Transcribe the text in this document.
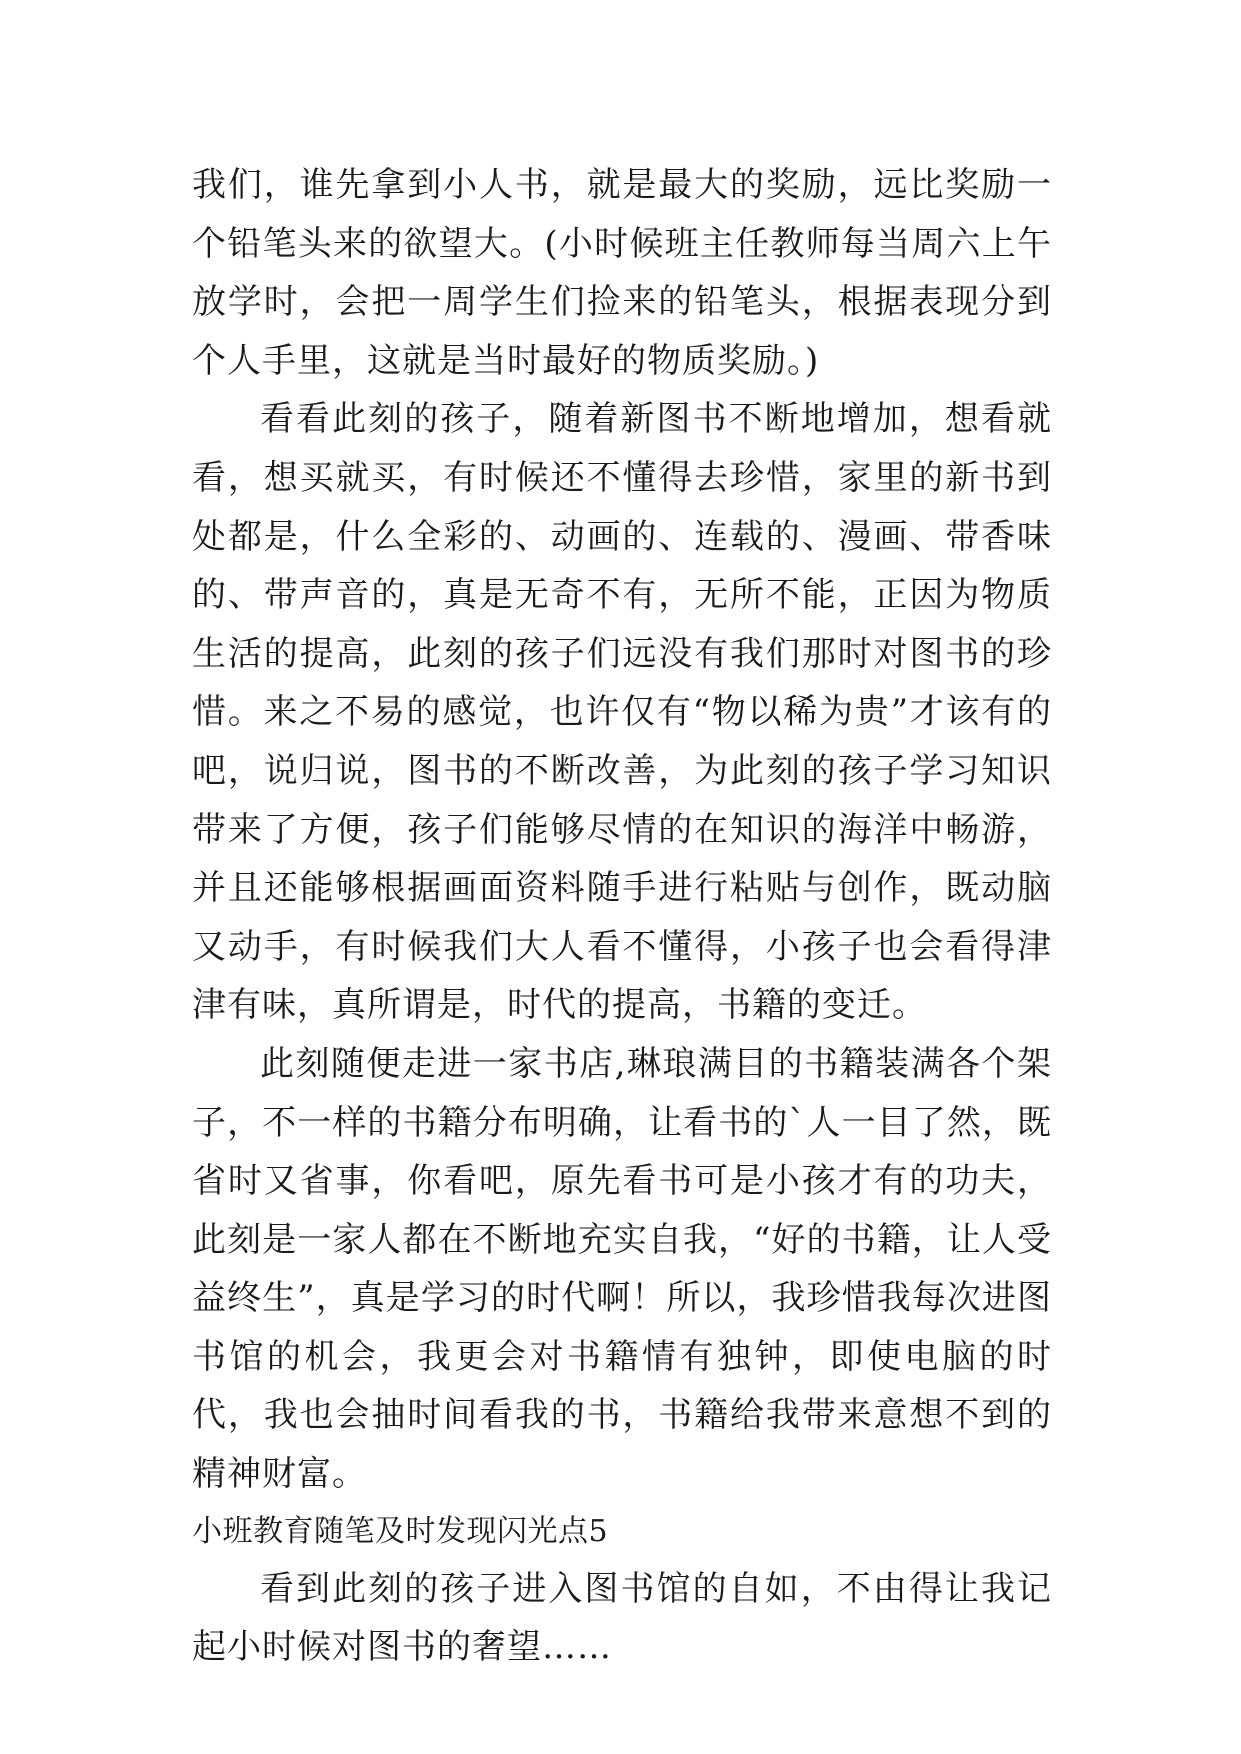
我们，谁先拿到小人书，就是最大的奖励，远比奖励一个铅笔头来的欲望大。(小时候班主任教师每当周六上午放学时，会把一周学生们捡来的铅笔头，根据表现分到个人手里，这就是当时最好的物质奖励。)

看看此刻的孩子，随着新图书不断地增加，想看就看，想买就买，有时候还不懂得去珍惜，家里的新书到处都是，什么全彩的、动画的、连载的、漫画、带香味的、带声音的，真是无奇不有，无所不能，正因为物质生活的提高，此刻的孩子们远没有我们那时对图书的珍惜。来之不易的感觉，也许仅有“物以稀为贵”才该有的吧，说归说，图书的不断改善，为此刻的孩子学习知识带来了方便，孩子们能够尽情的在知识的海洋中畅游，并且还能够根据画面资料随手进行粘贴与创作，既动脑又动手，有时候我们大人看不懂得，小孩子也会看得津津有味，真所谓是，时代的提高，书籍的变迁。

此刻随便走进一家书店,琳琅满目的书籍装满各个架子，不一样的书籍分布明确，让看书的`人一目了然，既省时又省事，你看吧，原先看书可是小孩才有的功夫，此刻是一家人都在不断地充实自我，“好的书籍，让人受益终生”，真是学习的时代啊！所以，我珍惜我每次进图书馆的机会，我更会对书籍情有独钟，即使电脑的时代，我也会抽时间看我的书，书籍给我带来意想不到的精神财富。

小班教育随笔及时发现闪光点5

看到此刻的孩子进入图书馆的自如，不由得让我记起小时候对图书的奢望……
